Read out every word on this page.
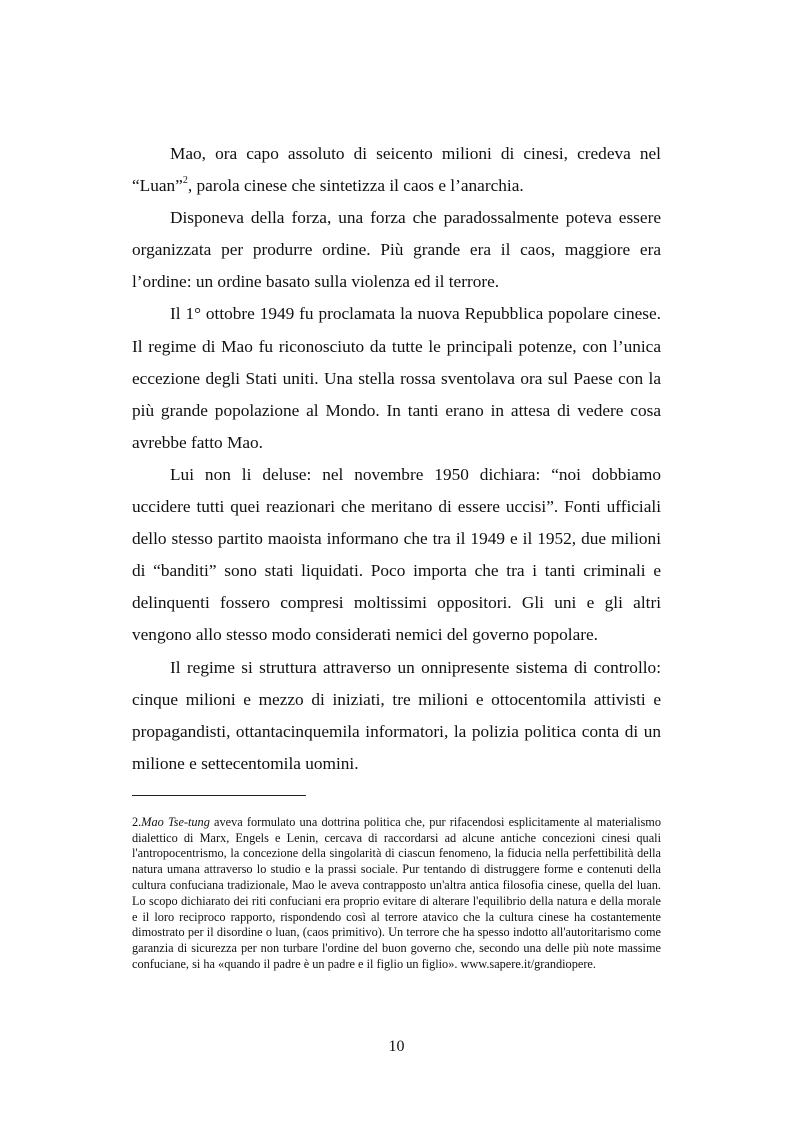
Mao, ora capo assoluto di seicento milioni di cinesi, credeva nel “Luan”$^2$, parola cinese che sintetizza il caos e l’anarchia.

Disponeva della forza, una forza che paradossalmente poteva essere organizzata per produrre ordine. Più grande era il caos, maggiore era l’ordine: un ordine basato sulla violenza ed il terrore.

Il 1° ottobre 1949 fu proclamata la nuova Repubblica popolare cinese. Il regime di Mao fu riconosciuto da tutte le principali potenze, con l’unica eccezione degli Stati uniti. Una stella rossa sventolava ora sul Paese con la più grande popolazione al Mondo. In tanti erano in attesa di vedere cosa avrebbe fatto Mao.

Lui non li deluse: nel novembre 1950 dichiara: “noi dobbiamo uccidere tutti quei reazionari che meritano di essere uccisi”. Fonti ufficiali dello stesso partito maoista informano che tra il 1949 e il 1952, due milioni di “banditi” sono stati liquidati. Poco importa che tra i tanti criminali e delinquenti fossero compresi moltissimi oppositori. Gli uni e gli altri vengono allo stesso modo considerati nemici del governo popolare.

Il regime si struttura attraverso un onnipresente sistema di controllo: cinque milioni e mezzo di iniziati, tre milioni e ottocentomila attivisti e propagandisti, ottantacinquemila informatori, la polizia politica conta di un milione e settecentomila uomini.

2.Mao Tse-tung aveva formulato una dottrina politica che, pur rifacendosi esplicitamente al materialismo dialettico di Marx, Engels e Lenin, cercava di raccordarsi ad alcune antiche concezioni cinesi quali l'antropocentrismo, la concezione della singolarità di ciascun fenomeno, la fiducia nella perfettibilità della natura umana attraverso lo studio e la prassi sociale. Pur tentando di distruggere forme e contenuti della cultura confuciana tradizionale, Mao le aveva contrapposto un'altra antica filosofia cinese, quella del luan. Lo scopo dichiarato dei riti confuciani era proprio evitare di alterare l'equilibrio della natura e della morale e il loro reciproco rapporto, rispondendo così al terrore atavico che la cultura cinese ha costantemente dimostrato per il disordine o luan, (caos primitivo). Un terrore che ha spesso indotto all'autoritarismo come garanzia di sicurezza per non turbare l'ordine del buon governo che, secondo una delle più note massime confuciane, si ha «quando il padre è un padre e il figlio un figlio». www.sapere.it/grandiopere.

10
